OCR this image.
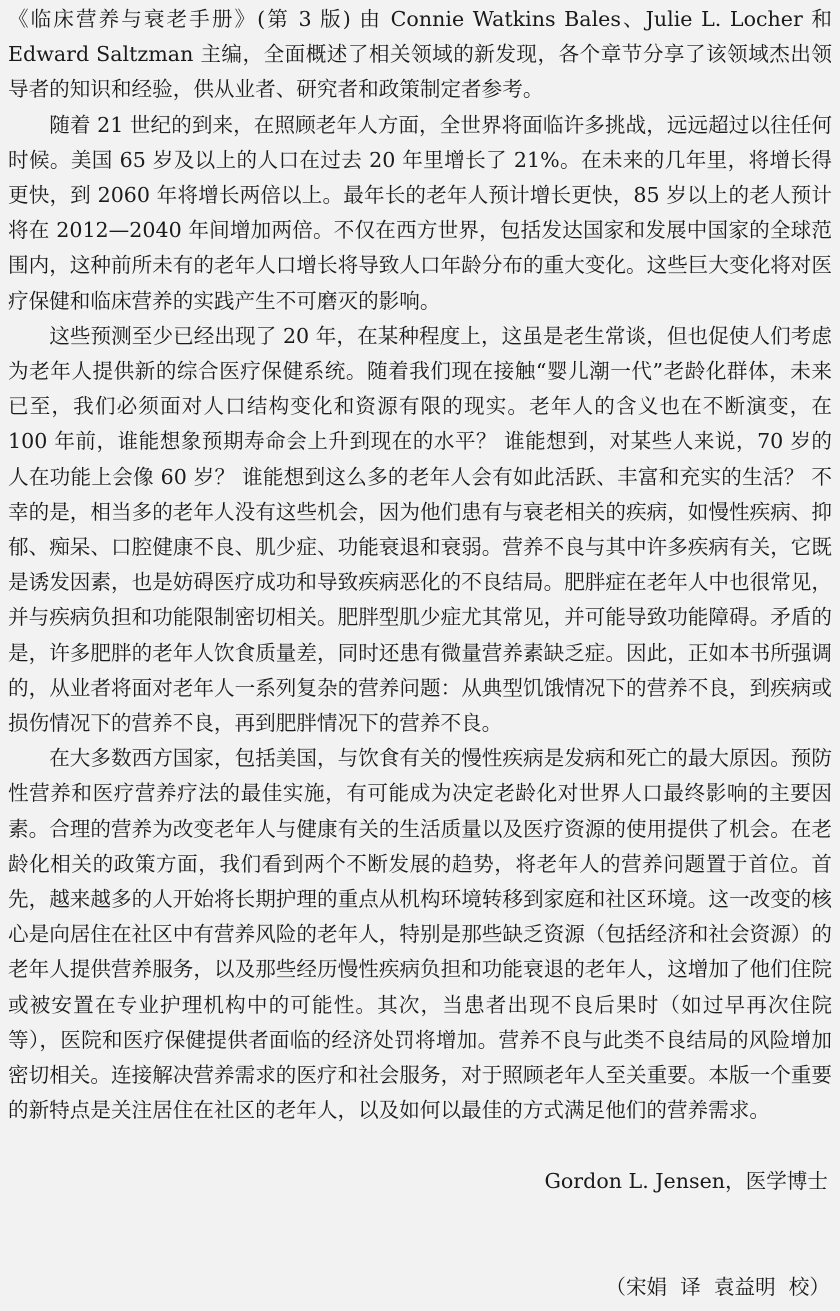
《临床营养与衰老手册》(第 3 版) 由 Connie Watkins Bales、Julie L. Locher 和 Edward Saltzman 主编，全面概述了相关领域的新发现，各个章节分享了该领域杰出领导者的知识和经验，供从业者、研究者和政策制定者参考。

随着 21 世纪的到来，在照顾老年人方面，全世界将面临许多挑战，远远超过以往任何时候。美国 65 岁及以上的人口在过去 20 年里增长了 21%。在未来的几年里，将增长得更快，到 2060 年将增长两倍以上。最年长的老年人预计增长更快，85 岁以上的老人预计将在 2012—2040 年间增加两倍。不仅在西方世界，包括发达国家和发展中国家的全球范围内，这种前所未有的老年人口增长将导致人口年龄分布的重大变化。这些巨大变化将对医疗保健和临床营养的实践产生不可磨灭的影响。

这些预测至少已经出现了 20 年，在某种程度上，这虽是老生常谈，但也促使人们考虑为老年人提供新的综合医疗保健系统。随着我们现在接触“婴儿潮一代”老龄化群体，未来已至，我们必须面对人口结构变化和资源有限的现实。老年人的含义也在不断演变，在 100 年前，谁能想象预期寿命会上升到现在的水平？ 谁能想到，对某些人来说，70 岁的人在功能上会像 60 岁？ 谁能想到这么多的老年人会有如此活跃、丰富和充实的生活？ 不幸的是，相当多的老年人没有这些机会，因为他们患有与衰老相关的疾病，如慢性疾病、抑郁、痴呆、口腔健康不良、肌少症、功能衰退和衰弱。营养不良与其中许多疾病有关，它既是诱发因素，也是妨碍医疗成功和导致疾病恶化的不良结局。肥胖症在老年人中也很常见，并与疾病负担和功能限制密切相关。肥胖型肌少症尤其常见，并可能导致功能障碍。矛盾的是，许多肥胖的老年人饮食质量差，同时还患有微量营养素缺乏症。因此，正如本书所强调的，从业者将面对老年人一系列复杂的营养问题：从典型饥饿情况下的营养不良，到疾病或损伤情况下的营养不良，再到肥胖情况下的营养不良。

在大多数西方国家，包括美国，与饮食有关的慢性疾病是发病和死亡的最大原因。预防性营养和医疗营养疗法的最佳实施，有可能成为决定老龄化对世界人口最终影响的主要因素。合理的营养为改变老年人与健康有关的生活质量以及医疗资源的使用提供了机会。在老龄化相关的政策方面，我们看到两个不断发展的趋势，将老年人的营养问题置于首位。首先，越来越多的人开始将长期护理的重点从机构环境转移到家庭和社区环境。这一改变的核心是向居住在社区中有营养风险的老年人，特别是那些缺乏资源（包括经济和社会资源）的老年人提供营养服务，以及那些经历慢性疾病负担和功能衰退的老年人，这增加了他们住院或被安置在专业护理机构中的可能性。其次，当患者出现不良后果时（如过早再次住院等），医院和医疗保健提供者面临的经济处罚将增加。营养不良与此类不良结局的风险增加密切相关。连接解决营养需求的医疗和社会服务，对于照顾老年人至关重要。本版一个重要的新特点是关注居住在社区的老年人，以及如何以最佳的方式满足他们的营养需求。

Gordon L. Jensen，医学博士
（宋娟  译  袁益明  校）
